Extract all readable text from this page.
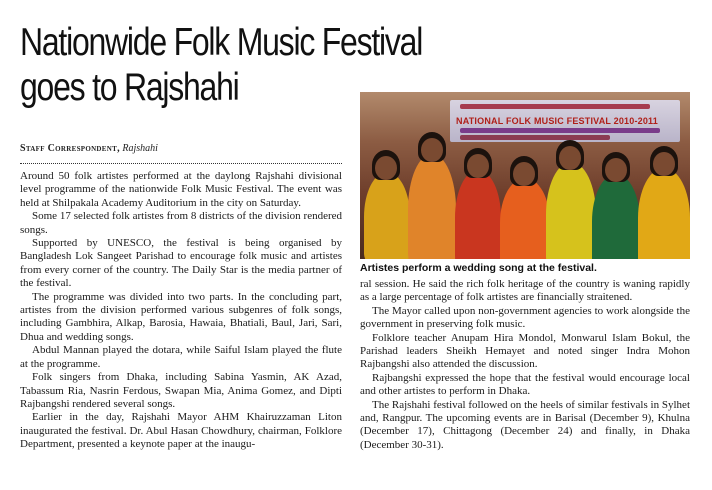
Nationwide Folk Music Festival
goes to Rajshahi
Staff Correspondent, Rajshahi

Around 50 folk artistes performed at the daylong Rajshahi divisional level programme of the nationwide Folk Music Festival. The event was held at Shilpakala Academy Auditorium in the city on Saturday.

Some 17 selected folk artistes from 8 districts of the division rendered songs.

Supported by UNESCO, the festival is being organised by Bangladesh Lok Sangeet Parishad to encourage folk music and artistes from every corner of the country. The Daily Star is the media partner of the festival.

The programme was divided into two parts. In the concluding part, artistes from the division performed various subgenres of folk songs, including Gambhira, Alkap, Barosia, Hawaia, Bhatiali, Baul, Jari, Sari, Dhua and wedding songs.

Abdul Mannan played the dotara, while Saiful Islam played the flute at the programme.

Folk singers from Dhaka, including Sabina Yasmin, AK Azad, Tabassum Ria, Nasrin Ferdous, Swapan Mia, Anima Gomez, and Dipti Rajbangshi rendered several songs.

Earlier in the day, Rajshahi Mayor AHM Khairuzzaman Liton inaugurated the festival. Dr. Abul Hasan Chowdhury, chairman, Folklore Department, presented a keynote paper at the inaugu-

NATIONAL FOLK MUSIC FESTIVAL 2010-2011
Artistes perform a wedding song at the festival.

ral session. He said the rich folk heritage of the country is waning rapidly as a large percentage of folk artistes are financially straitened.

The Mayor called upon non-government agencies to work alongside the government in preserving folk music.

Folklore teacher Anupam Hira Mondol, Monwarul Islam Bokul, the Parishad leaders Sheikh Hemayet and noted singer Indra Mohon Rajbangshi also attended the discussion.

Rajbangshi expressed the hope that the festival would encourage local and other artistes to perform in Dhaka.

The Rajshahi festival followed on the heels of similar festivals in Sylhet and, Rangpur. The upcoming events are in Barisal (December 9), Khulna (December 17), Chittagong (December 24) and finally, in Dhaka (December 30-31).
